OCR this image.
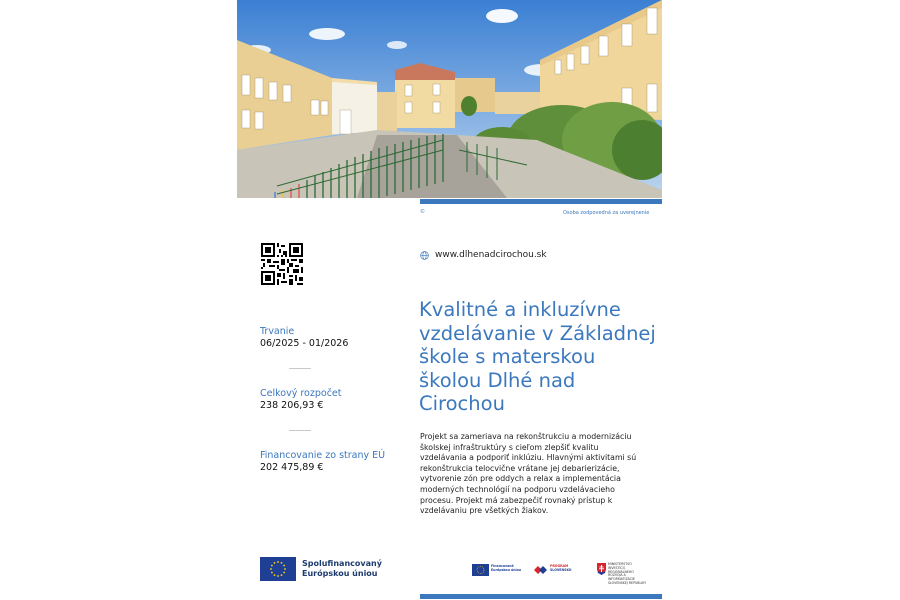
©	Osoba zodpovedná za uverejnenie
www.dlhenadcirochou.sk
Trvanie
06/2025 - 01/2026
Celkový rozpočet
238 206,93 €
Financovanie zo strany EÚ
202 475,89 €
Kvalitné a inkluzívne vzdelávanie v Základnej škole s materskou školou Dlhé nad Cirochou
Projekt sa zameriava na rekonštrukciu a modernizáciu školskej infraštruktúry s cieľom zlepšiť kvalitu vzdelávania a podporiť inklúziu. Hlavnými aktivitami sú rekonštrukcia telocvične vrátane jej debarierizácie, vytvorenie zón pre oddych a relax a implementácia moderných technológií na podporu vzdelávacieho procesu. Projekt má zabezpečiť rovnaký prístup k vzdelávaniu pre všetkých žiakov.
Spolufinancovaný
Európskou úniou
Financované
Európskou úniou
PROGRAM
SLOVENSKO
MINISTERSTVO
INVESTÍCIÍ, REGIONÁLNEHO
ROZVOJA A INFORMATIZÁCIE
SLOVENSKEJ REPUBLIKY
